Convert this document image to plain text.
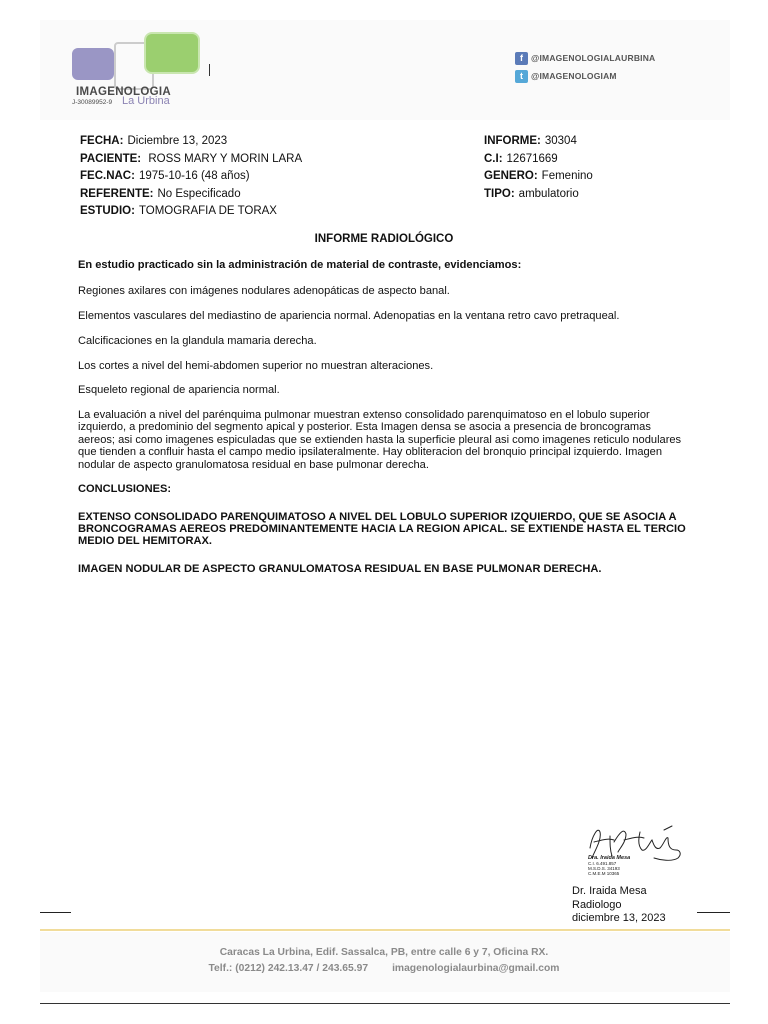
IMAGENOLOGIA
J-30089952-9 La Urbina
f @IMAGENOLOGIALAURBINA
t @IMAGENOLOGIAM
FECHA: Diciembre 13, 2023
PACIENTE: ROSS MARY Y MORIN LARA
FEC.NAC: 1975-10-16 (48 años)
REFERENTE: No Especificado
ESTUDIO: TOMOGRAFIA DE TORAX
INFORME: 30304
C.I: 12671669
GENERO: Femenino
TIPO: ambulatorio
INFORME RADIOLÓGICO

En estudio practicado sin la administración de material de contraste, evidenciamos:

Regiones axilares con imágenes nodulares adenopáticas de aspecto banal.

Elementos vasculares del mediastino de apariencia normal. Adenopatias en la ventana retro cavo pretraqueal.

Calcificaciones en la glandula mamaria derecha.

Los cortes a nivel del hemi-abdomen superior no muestran alteraciones.

Esqueleto regional de apariencia normal.

La evaluación a nivel del parénquima pulmonar muestran extenso consolidado parenquimatoso en el lobulo superior izquierdo, a predominio del segmento apical y posterior. Esta Imagen densa se asocia a presencia de broncogramas aereos; asi como imagenes espiculadas que se extienden hasta la superficie pleural asi como imagenes reticulo nodulares que tienden a confluir hasta el campo medio ipsilateralmente. Hay obliteracion del bronquio principal izquierdo. Imagen nodular de aspecto granulomatosa residual en base pulmonar derecha.

CONCLUSIONES:

EXTENSO CONSOLIDADO PARENQUIMATOSO A NIVEL DEL LOBULO SUPERIOR IZQUIERDO, QUE SE ASOCIA A BRONCOGRAMAS AEREOS PREDOMINANTEMENTE HACIA LA REGION APICAL. SE EXTIENDE HASTA EL TERCIO MEDIO DEL HEMITORAX.

IMAGEN NODULAR DE ASPECTO GRANULOMATOSA RESIDUAL EN BASE PULMONAR DERECHA.

Dra. Iraida Mesa
C.I. 6.491.857
M.S.D.S. 34193
C.M.E.M 10365
Dr. Iraida Mesa
Radiologo
diciembre 13, 2023
Caracas La Urbina, Edif. Sassalca, PB, entre calle 6 y 7, Oficina RX.
Telf.: (0212) 242.13.47 / 243.65.97 imagenologialaurbina@gmail.com
